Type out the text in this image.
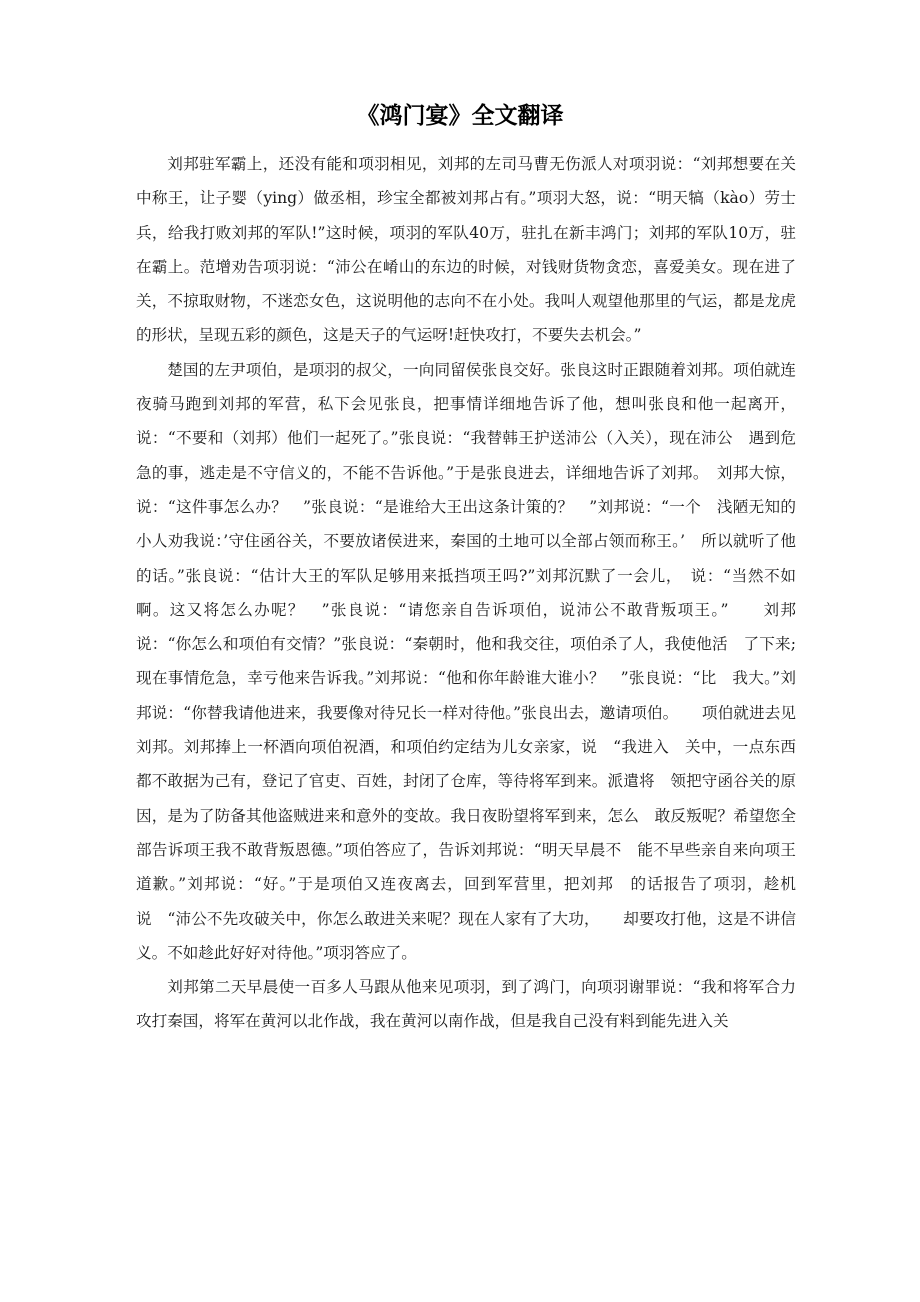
《鸿门宴》全文翻译

刘邦驻军霸上，还没有能和项羽相见，刘邦的左司马曹无伤派人对项羽说：“刘邦想要在关中称王，让子婴（ying）做丞相，珍宝全都被刘邦占有。”项羽大怒，说：“明天犒（kào）劳士兵，给我打败刘邦的军队!”这时候，项羽的军队40万，驻扎在新丰鸿门；刘邦的军队10万，驻在霸上。范增劝告项羽说：“沛公在崤山的东边的时候，对钱财货物贪恋，喜爱美女。现在进了关，不掠取财物，不迷恋女色，这说明他的志向不在小处。我叫人观望他那里的气运，都是龙虎的形状，呈现五彩的颜色，这是天子的气运呀!赶快攻打，不要失去机会。”

楚国的左尹项伯，是项羽的叔父，一向同留侯张良交好。张良这时正跟随着刘邦。项伯就连夜骑马跑到刘邦的军营，私下会见张良，把事情详细地告诉了他，想叫张良和他一起离开，说：“不要和（刘邦）他们一起死了。”张良说：“我替韩王护送沛公（入关），现在沛公　遇到危急的事，逃走是不守信义的，不能不告诉他。”于是张良进去，详细地告诉了刘邦。　刘邦大惊，说：“这件事怎么办？　”张良说：“是谁给大王出这条计策的？　”刘邦说：“一个　浅陋无知的小人劝我说：’守住函谷关，不要放诸侯进来，秦国的土地可以全部占领而称王。’　所以就听了他的话。”张良说：“估计大王的军队足够用来抵挡项王吗?”刘邦沉默了一会儿，　说：“当然不如啊。这又将怎么办呢？　”张良说：“请您亲自告诉项伯，说沛公不敢背叛项王。”　　刘邦说：“你怎么和项伯有交情？”张良说：“秦朝时，他和我交往，项伯杀了人，我使他活　了下来;现在事情危急，幸亏他来告诉我。”刘邦说：“他和你年龄谁大谁小？　”张良说：“比　我大。”刘邦说：“你替我请他进来，我要像对待兄长一样对待他。”张良出去，邀请项伯。　　项伯就进去见刘邦。刘邦捧上一杯酒向项伯祝酒，和项伯约定结为儿女亲家，说　“我进入　关中，一点东西都不敢据为己有，登记了官吏、百姓，封闭了仓库，等待将军到来。派遣将　领把守函谷关的原因，是为了防备其他盗贼进来和意外的变故。我日夜盼望将军到来，怎么　敢反叛呢？希望您全部告诉项王我不敢背叛恩德。”项伯答应了，告诉刘邦说：“明天早晨不　能不早些亲自来向项王道歉。”刘邦说：“好。”于是项伯又连夜离去，回到军营里，把刘邦　的话报告了项羽，趁机说　“沛公不先攻破关中，你怎么敢进关来呢？现在人家有了大功，　　却要攻打他，这是不讲信义。不如趁此好好对待他。”项羽答应了。

刘邦第二天早晨使一百多人马跟从他来见项羽，到了鸿门，向项羽谢罪说：“我和将军合力攻打秦国，将军在黄河以北作战，我在黄河以南作战，但是我自己没有料到能先进入关
